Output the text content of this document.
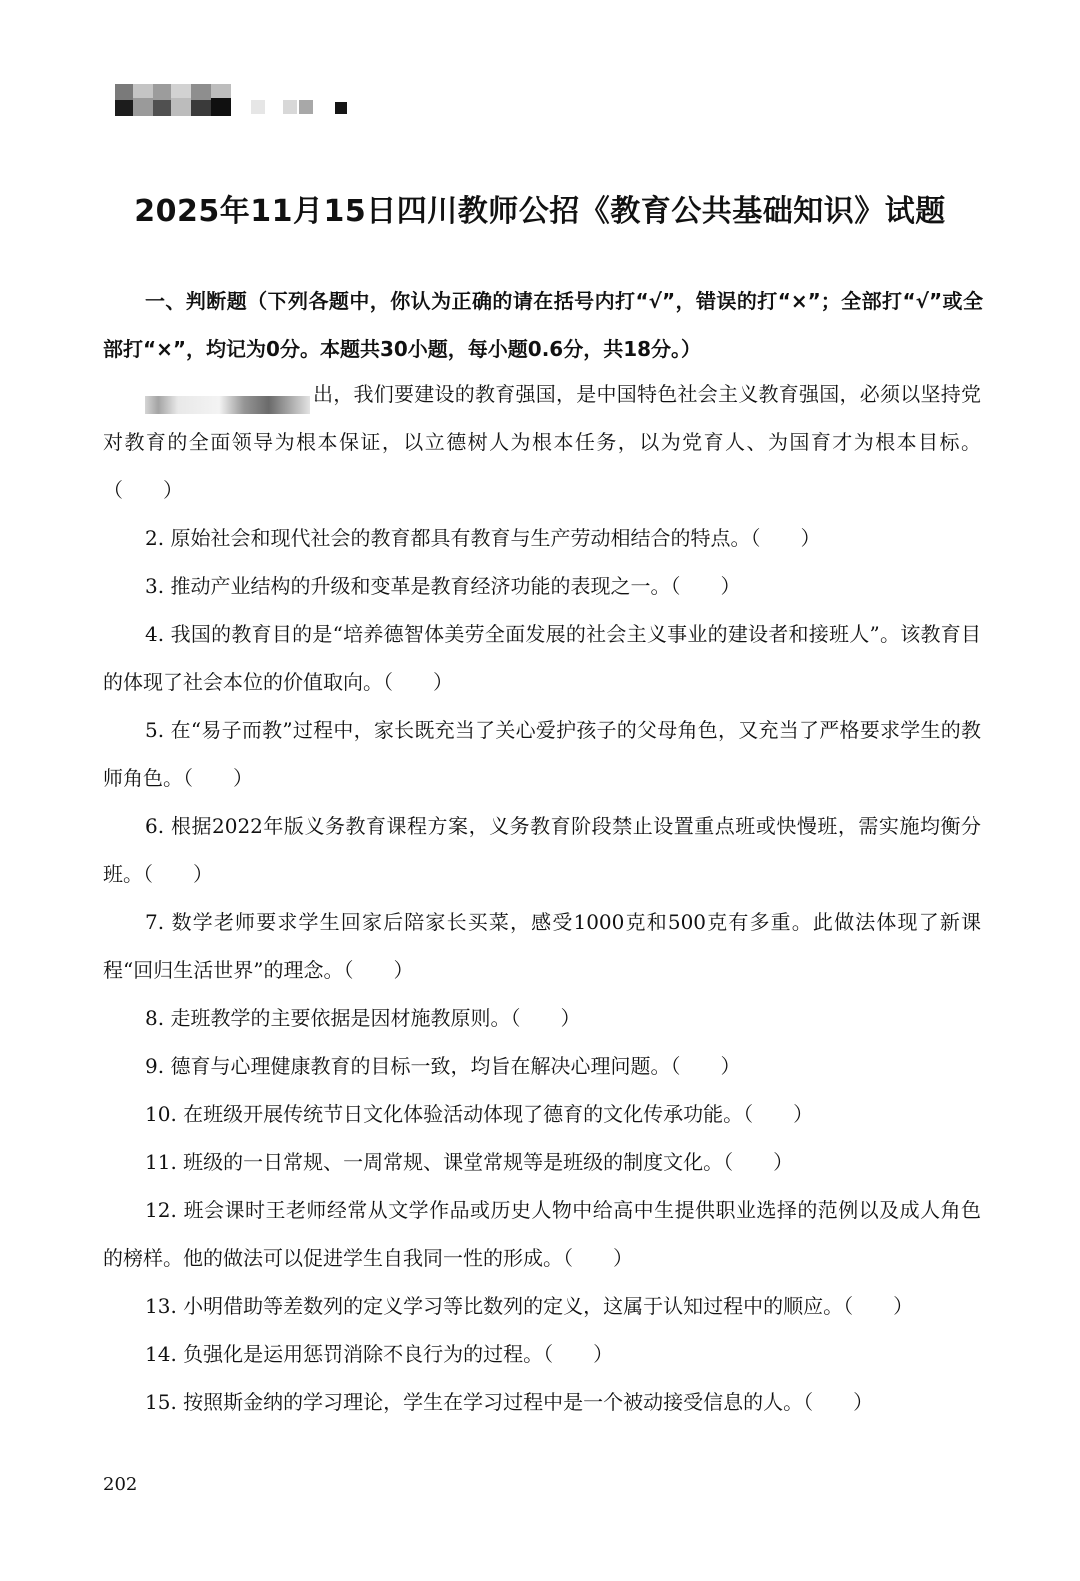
2025年11月15日四川教师公招《教育公共基础知识》试题
一、判断题（下列各题中，你认为正确的请在括号内打“√”，错误的打“×”；全部打“√”或全部打“×”，均记为0分。本题共30小题，每小题0.6分，共18分。）
出，我们要建设的教育强国，是中国特色社会主义教育强国，必须以坚持党对教育的全面领导为根本保证，以立德树人为根本任务，以为党育人、为国育才为根本目标。（　　）
2. 原始社会和现代社会的教育都具有教育与生产劳动相结合的特点。（　　）
3. 推动产业结构的升级和变革是教育经济功能的表现之一。（　　）
4. 我国的教育目的是“培养德智体美劳全面发展的社会主义事业的建设者和接班人”。该教育目的体现了社会本位的价值取向。（　　）
5. 在“易子而教”过程中，家长既充当了关心爱护孩子的父母角色，又充当了严格要求学生的教师角色。（　　）
6. 根据2022年版义务教育课程方案，义务教育阶段禁止设置重点班或快慢班，需实施均衡分班。（　　）
7. 数学老师要求学生回家后陪家长买菜，感受1000克和500克有多重。此做法体现了新课程“回归生活世界”的理念。（　　）
8. 走班教学的主要依据是因材施教原则。（　　）
9. 德育与心理健康教育的目标一致，均旨在解决心理问题。（　　）
10. 在班级开展传统节日文化体验活动体现了德育的文化传承功能。（　　）
11. 班级的一日常规、一周常规、课堂常规等是班级的制度文化。（　　）
12. 班会课时王老师经常从文学作品或历史人物中给高中生提供职业选择的范例以及成人角色的榜样。他的做法可以促进学生自我同一性的形成。（　　）
13. 小明借助等差数列的定义学习等比数列的定义，这属于认知过程中的顺应。（　　）
14. 负强化是运用惩罚消除不良行为的过程。（　　）
15. 按照斯金纳的学习理论，学生在学习过程中是一个被动接受信息的人。（　　）
202
